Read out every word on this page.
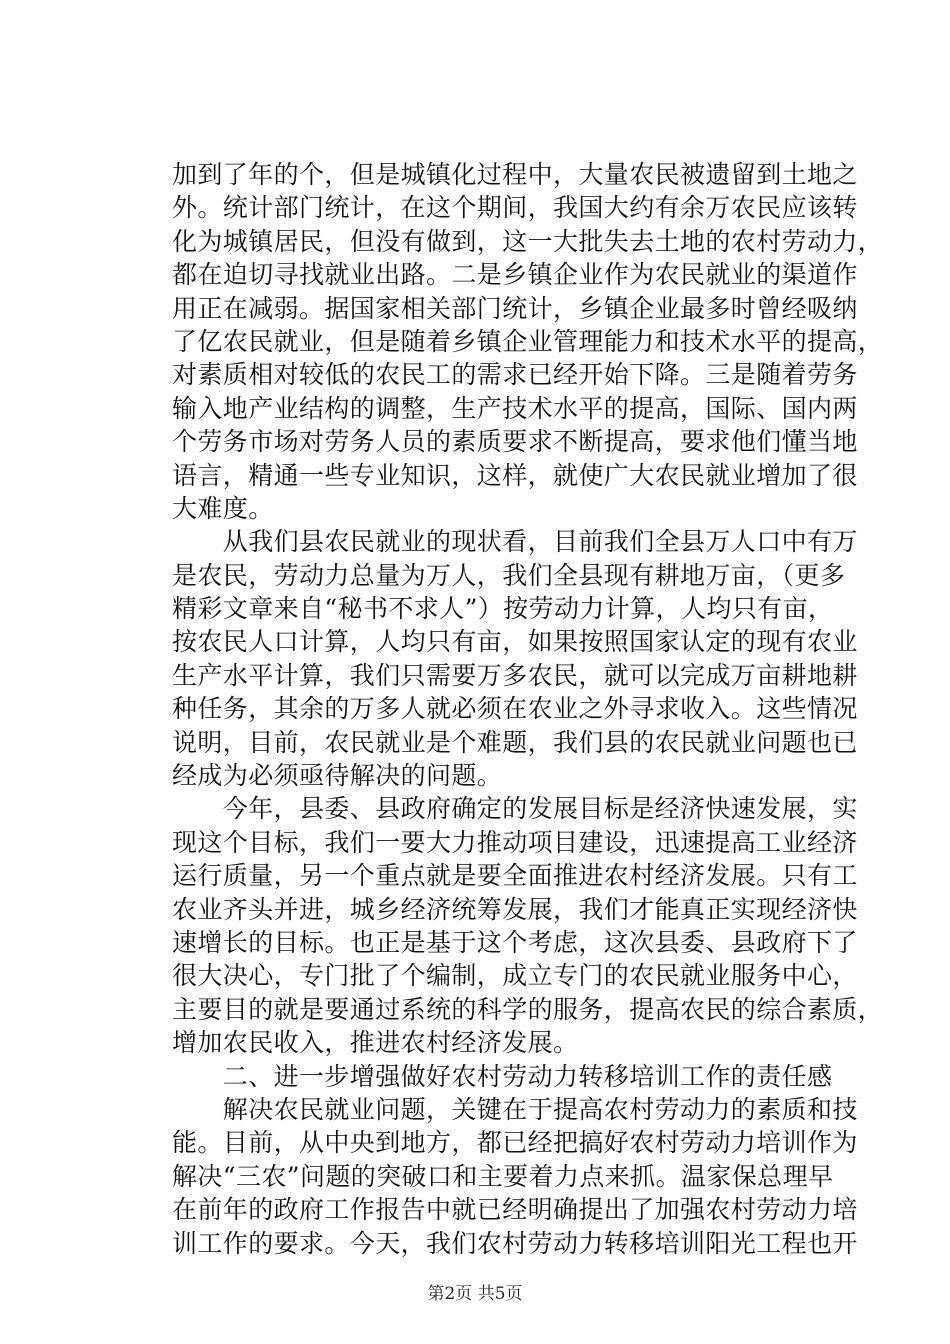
加到了年的个，但是城镇化过程中，大量农民被遗留到土地之
外。统计部门统计，在这个期间，我国大约有余万农民应该转
化为城镇居民，但没有做到，这一大批失去土地的农村劳动力，
都在迫切寻找就业出路。二是乡镇企业作为农民就业的渠道作
用正在减弱。据国家相关部门统计，乡镇企业最多时曾经吸纳
了亿农民就业，但是随着乡镇企业管理能力和技术水平的提高，
对素质相对较低的农民工的需求已经开始下降。三是随着劳务
输入地产业结构的调整，生产技术水平的提高，国际、国内两
个劳务市场对劳务人员的素质要求不断提高，要求他们懂当地
语言，精通一些专业知识，这样，就使广大农民就业增加了很
大难度。
　　从我们县农民就业的现状看，目前我们全县万人口中有万
是农民，劳动力总量为万人，我们全县现有耕地万亩，（更多
精彩文章来自“秘书不求人”）按劳动力计算，人均只有亩，
按农民人口计算，人均只有亩，如果按照国家认定的现有农业
生产水平计算，我们只需要万多农民，就可以完成万亩耕地耕
种任务，其余的万多人就必须在农业之外寻求收入。这些情况
说明，目前，农民就业是个难题，我们县的农民就业问题也已
经成为必须亟待解决的问题。
　　今年，县委、县政府确定的发展目标是经济快速发展，实
现这个目标，我们一要大力推动项目建设，迅速提高工业经济
运行质量，另一个重点就是要全面推进农村经济发展。只有工
农业齐头并进，城乡经济统筹发展，我们才能真正实现经济快
速增长的目标。也正是基于这个考虑，这次县委、县政府下了
很大决心，专门批了个编制，成立专门的农民就业服务中心，
主要目的就是要通过系统的科学的服务，提高农民的综合素质，
增加农民收入，推进农村经济发展。
　　二、进一步增强做好农村劳动力转移培训工作的责任感
　　解决农民就业问题，关键在于提高农村劳动力的素质和技
能。目前，从中央到地方，都已经把搞好农村劳动力培训作为
解决“三农”问题的突破口和主要着力点来抓。温家保总理早
在前年的政府工作报告中就已经明确提出了加强农村劳动力培
训工作的要求。今天，我们农村劳动力转移培训阳光工程也开
第2页 共5页
